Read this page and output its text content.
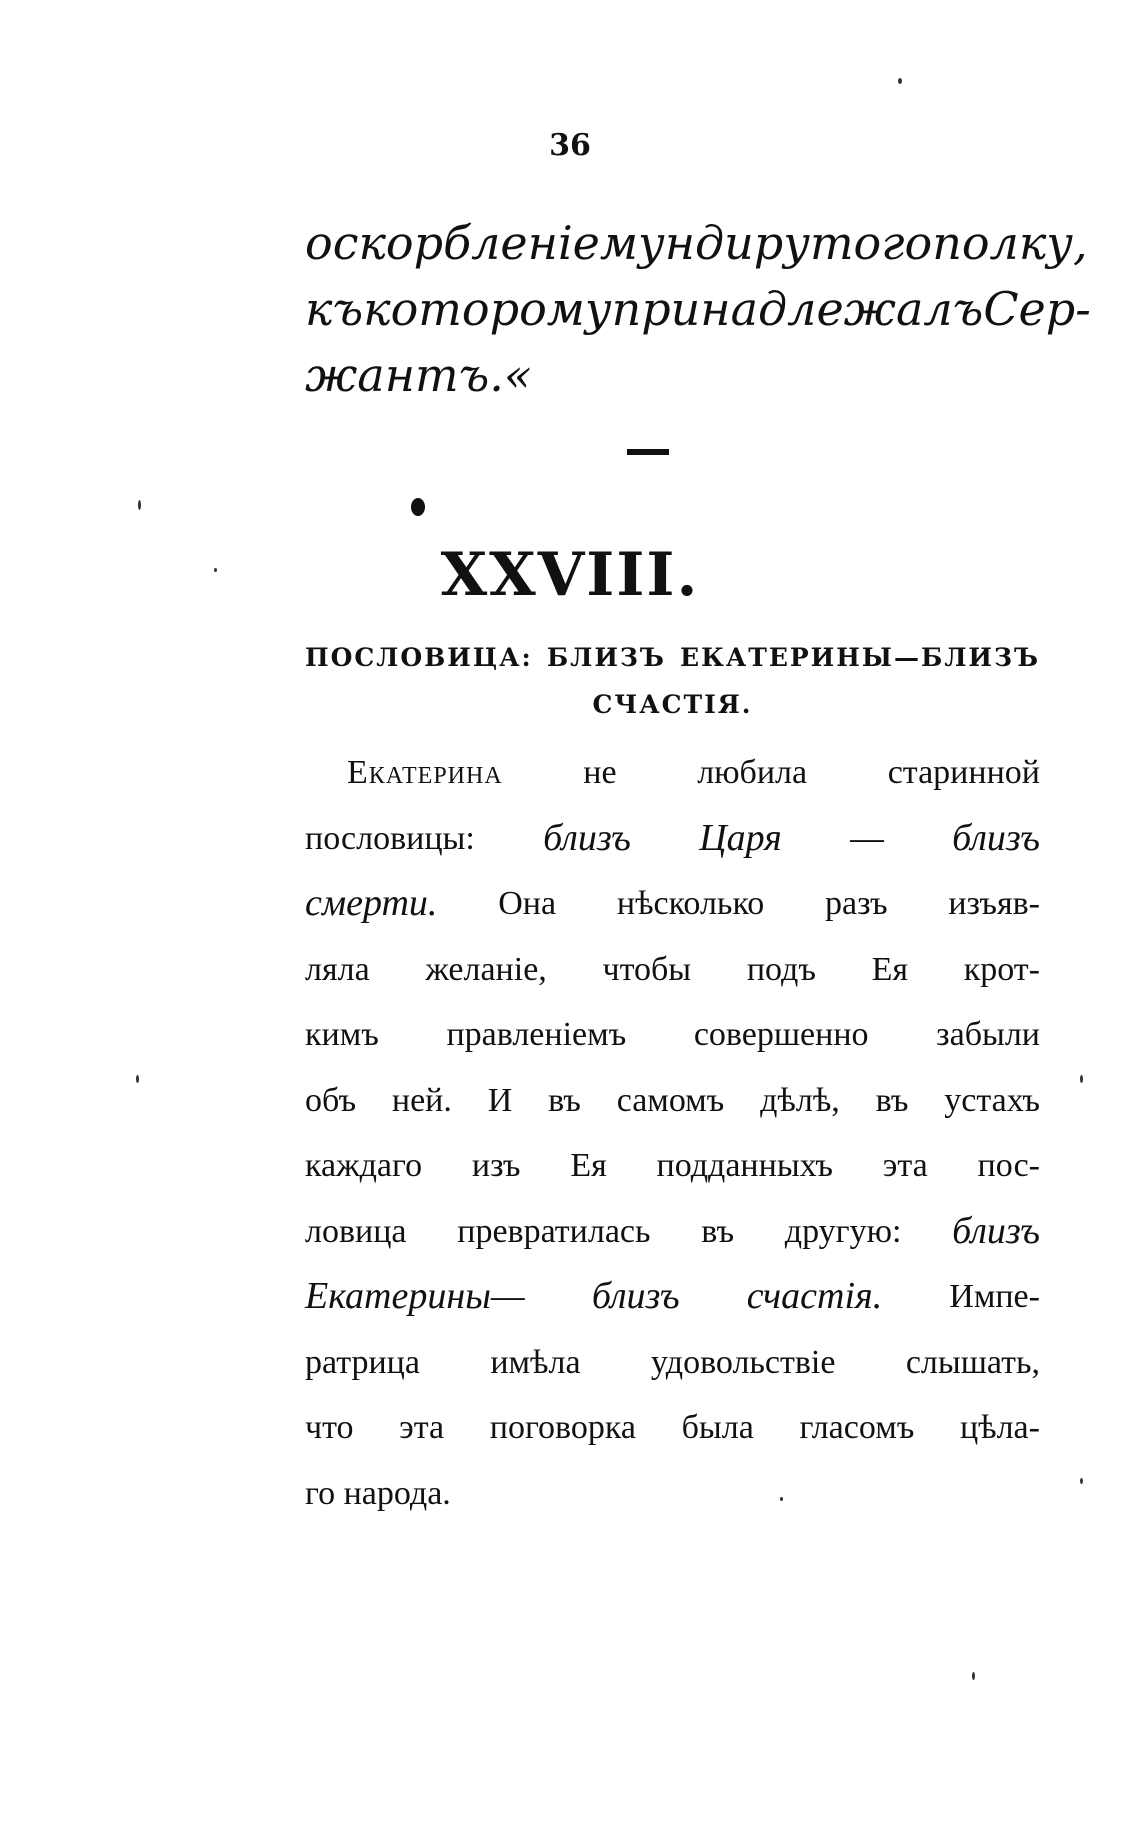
36
оскорбленіе мундиру того полку,
къ которому принадлежалъ Сер-
жантъ.«
XXVIII.
ПОСЛОВИЦА: БЛИЗЪ ЕКАТЕРИНЫ—БЛИЗЪ
СЧАСТІЯ.
Екатерина не любила старинной
пословицы: близъ Царя — близъ
смерти. Она нѣсколько разъ изъяв-
ляла желаніе, чтобы подъ Ея крот-
кимъ правленіемъ совершенно забыли
объ ней. И въ самомъ дѣлѣ, въ устахъ
каждаго изъ Ея подданныхъ эта пос-
ловица превратилась въ другую: близъ
Екатерины— близъ счастія. Импе-
ратрица имѣла удовольствіе слышать,
что эта поговорка была гласомъ цѣла-
го народа.
